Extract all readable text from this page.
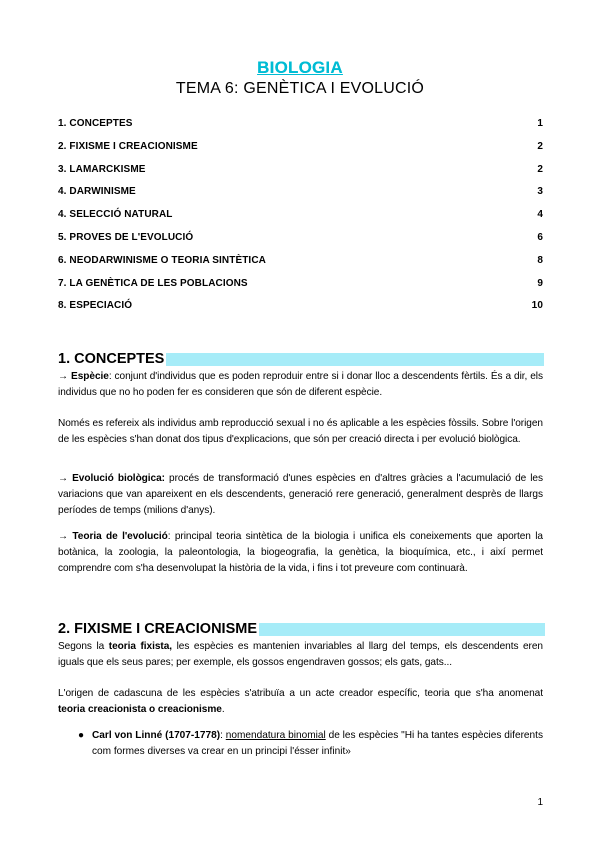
BIOLOGIA
TEMA 6: GENÈTICA I EVOLUCIÓ
1. CONCEPTES	1
2. FIXISME I CREACIONISME	2
3. LAMARCKISME	2
4. DARWINISME	3
4. SELECCIÓ NATURAL	4
5. PROVES DE L'EVOLUCIÓ	6
6. NEODARWINISME O TEORIA SINTÈTICA	8
7. LA GENÈTICA DE LES POBLACIONS	9
8. ESPECIACIÓ	10
1. CONCEPTES
→ Espècie: conjunt d'individus que es poden reproduir entre si i donar lloc a descendents fèrtils. És a dir, els individus que no ho poden fer es consideren que són de diferent espècie.
Només es refereix als individus amb reproducció sexual i no és aplicable a les espècies fòssils. Sobre l'origen de les espècies s'han donat dos tipus d'explicacions, que són per creació directa i per evolució biològica.
→ Evolució biològica: procés de transformació d'unes espècies en d'altres gràcies a l'acumulació de les variacions que van apareixent en els descendents, generació rere generació, generalment desprès de llargs períodes de temps (milions d'anys).
→ Teoria de l'evolució: principal teoria sintètica de la biologia i unifica els coneixements que aporten la botànica, la zoologia, la paleontologia, la biogeografia, la genètica, la bioquímica, etc., i així permet comprendre com s'ha desenvolupat la història de la vida, i fins i tot preveure com continuarà.
2. FIXISME I CREACIONISME
Segons la teoria fixista, les espècies es mantenien invariables al llarg del temps, els descendents eren iguals que els seus pares; per exemple, els gossos engendraven gossos; els gats, gats...
L'origen de cadascuna de les espècies s'atribuïa a un acte creador específic, teoria que s'ha anomenat teoria creacionista o creacionisme.
● Carl von Linné (1707-1778): nomendatura binomial de les espècies "Hi ha tantes espècies diferents com formes diverses va crear en un principi l'ésser infinit»
1
